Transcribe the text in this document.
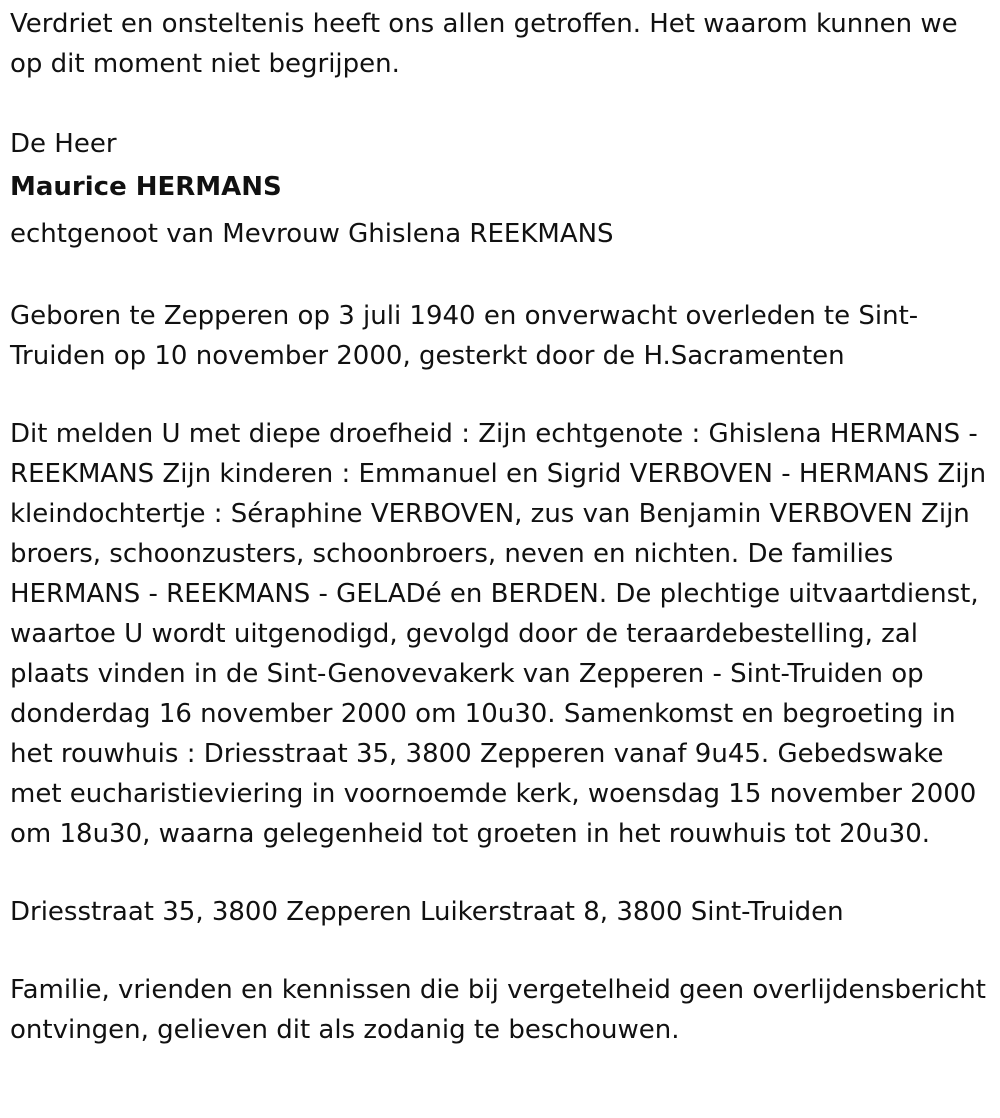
Verdriet en onsteltenis heeft ons allen getroffen. Het waarom kunnen we op dit moment niet begrijpen.

De Heer

Maurice HERMANS

echtgenoot van Mevrouw Ghislena REEKMANS

Geboren te Zepperen op 3 juli 1940 en onverwacht overleden te Sint-Truiden op 10 november 2000, gesterkt door de H.Sacramenten

Dit melden U met diepe droefheid : Zijn echtgenote : Ghislena HERMANS - REEKMANS Zijn kinderen : Emmanuel en Sigrid VERBOVEN - HERMANS Zijn kleindochtertje : Séraphine VERBOVEN, zus van Benjamin VERBOVEN Zijn broers, schoonzusters, schoonbroers, neven en nichten. De families HERMANS - REEKMANS - GELADé en BERDEN. De plechtige uitvaartdienst, waartoe U wordt uitgenodigd, gevolgd door de teraardebestelling, zal plaats vinden in de Sint-Genovevakerk van Zepperen - Sint-Truiden op donderdag 16 november 2000 om 10u30. Samenkomst en begroeting in het rouwhuis : Driesstraat 35, 3800 Zepperen vanaf 9u45. Gebedswake met eucharistieviering in voornoemde kerk, woensdag 15 november 2000 om 18u30, waarna gelegenheid tot groeten in het rouwhuis tot 20u30.

Driesstraat 35, 3800 Zepperen Luikerstraat 8, 3800 Sint-Truiden

Familie, vrienden en kennissen die bij vergetelheid geen overlijdensbericht ontvingen, gelieven dit als zodanig te beschouwen.
